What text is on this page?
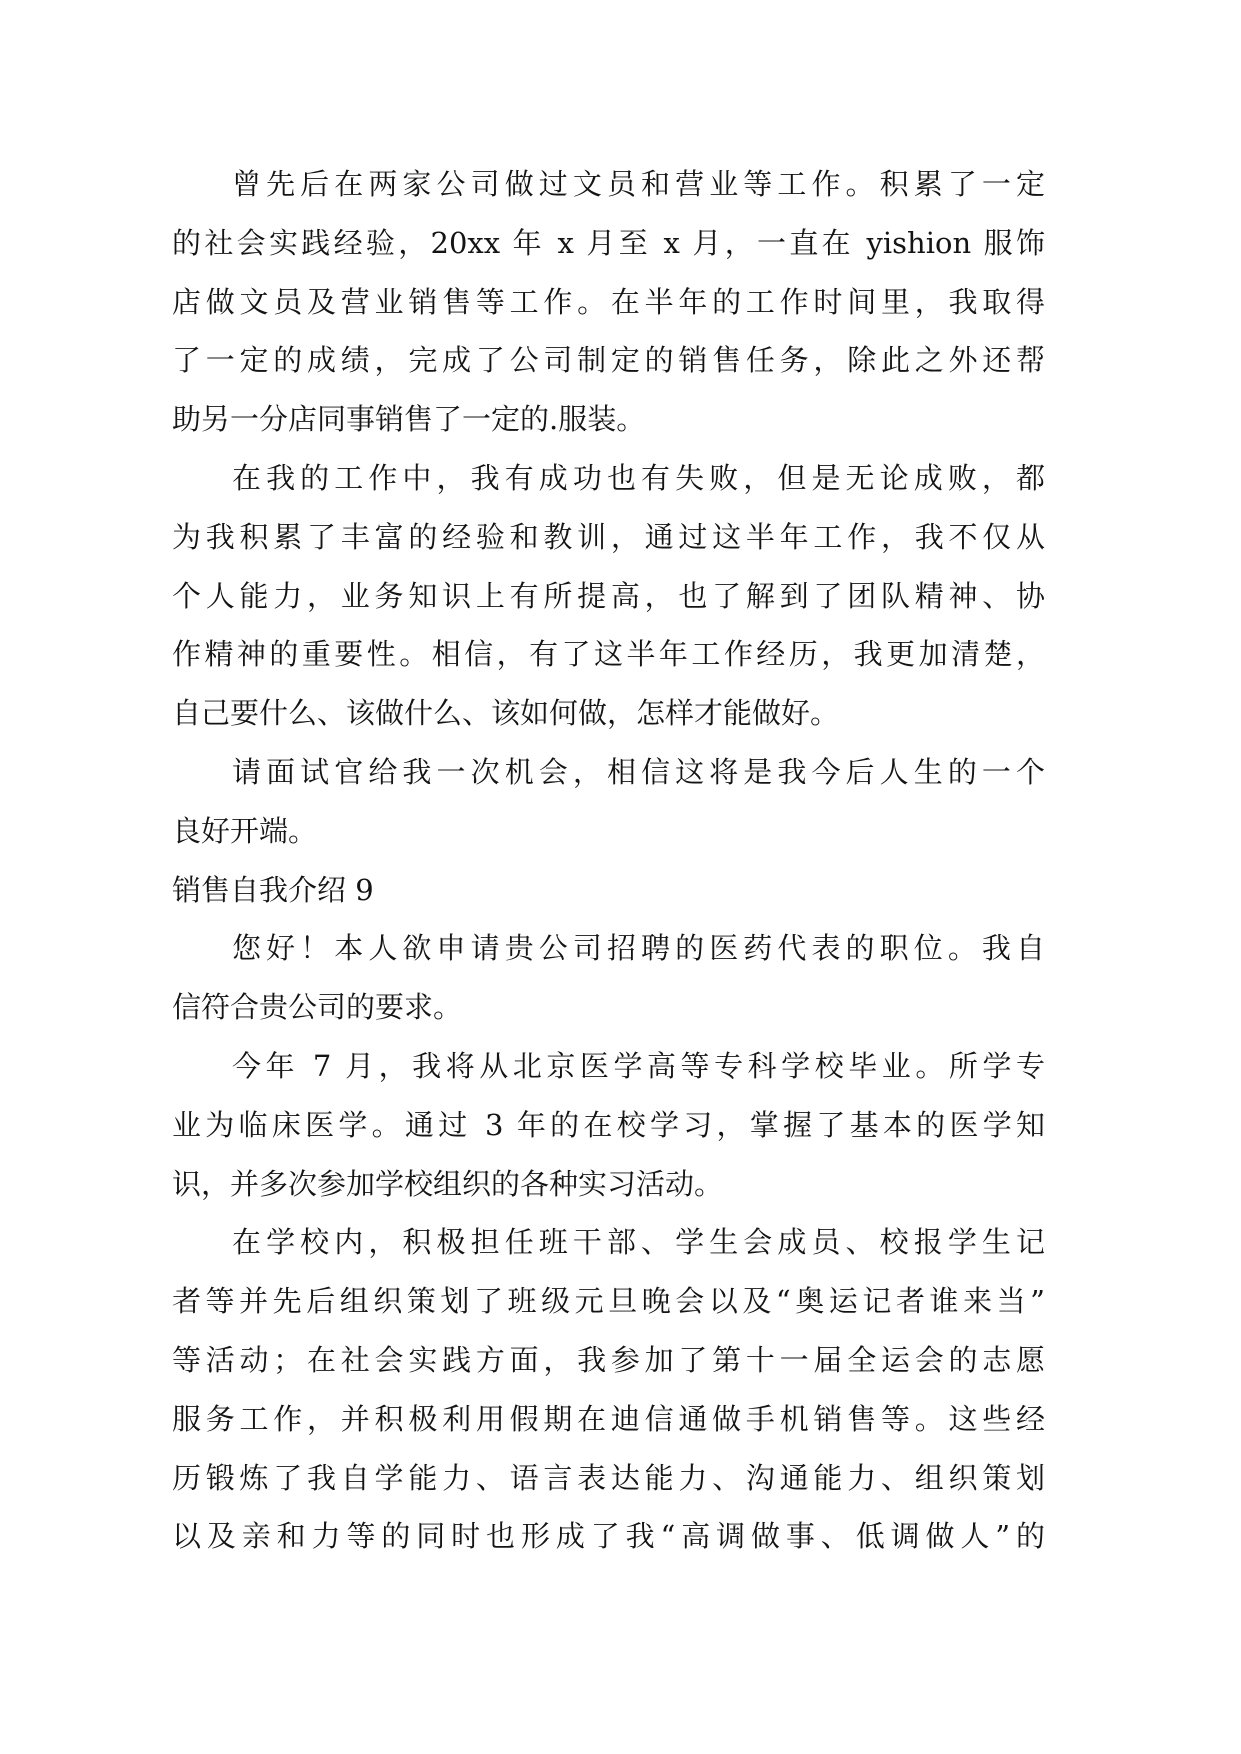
曾先后在两家公司做过文员和营业等工作。积累了一定
的社会实践经验，20xx 年 x 月至 x 月，一直在 yishion 服饰
店做文员及营业销售等工作。在半年的工作时间里，我取得
了一定的成绩，完成了公司制定的销售任务，除此之外还帮
助另一分店同事销售了一定的.服装。
在我的工作中，我有成功也有失败，但是无论成败，都
为我积累了丰富的经验和教训，通过这半年工作，我不仅从
个人能力，业务知识上有所提高，也了解到了团队精神、协
作精神的重要性。相信，有了这半年工作经历，我更加清楚，
自己要什么、该做什么、该如何做，怎样才能做好。
请面试官给我一次机会，相信这将是我今后人生的一个
良好开端。
销售自我介绍 9
您好！本人欲申请贵公司招聘的医药代表的职位。我自
信符合贵公司的要求。
今年 7 月，我将从北京医学高等专科学校毕业。所学专
业为临床医学。通过 3 年的在校学习，掌握了基本的医学知
识，并多次参加学校组织的各种实习活动。
在学校内，积极担任班干部、学生会成员、校报学生记
者等并先后组织策划了班级元旦晚会以及“奥运记者谁来当”
等活动；在社会实践方面，我参加了第十一届全运会的志愿
服务工作，并积极利用假期在迪信通做手机销售等。这些经
历锻炼了我自学能力、语言表达能力、沟通能力、组织策划
以及亲和力等的同时也形成了我“高调做事、低调做人”的
